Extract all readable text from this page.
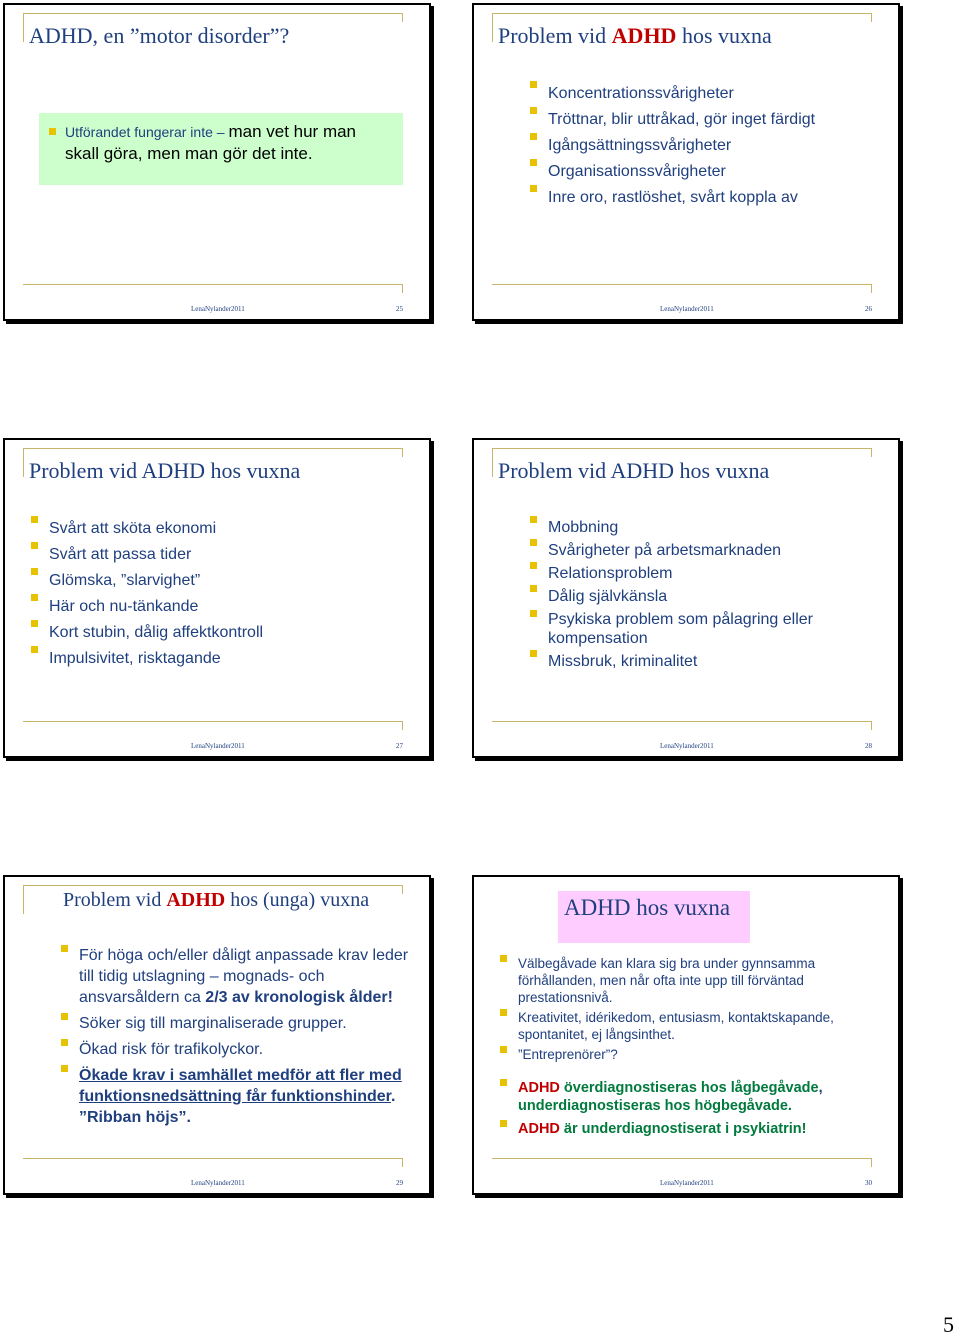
ADHD, en ”motor disorder”?
Utförandet fungerar inte – man vet hur man skall göra, men man gör det inte.
LenaNylander2011	25
Problem vid ADHD hos vuxna
Koncentrationssvårigheter
Tröttnar, blir uttråkad, gör inget färdigt
Igångsättningssvårigheter
Organisationssvårigheter
Inre oro, rastlöshet, svårt koppla av
LenaNylander2011	26
Problem vid ADHD hos vuxna
Svårt att sköta ekonomi
Svårt att passa tider
Glömska, ”slarvighet”
Här och nu-tänkande
Kort stubin, dålig affektkontroll
Impulsivitet, risktagande
LenaNylander2011	27
Problem vid ADHD hos vuxna
Mobbning
Svårigheter på arbetsmarknaden
Relationsproblem
Dålig självkänsla
Psykiska problem som pålagring eller kompensation
Missbruk, kriminalitet
LenaNylander2011	28
Problem vid ADHD hos (unga) vuxna
För höga och/eller dåligt anpassade krav leder till tidig utslagning – mognads- och ansvarsåldern ca 2/3 av kronologisk ålder!
Söker sig till marginaliserade grupper.
Ökad risk för trafikolyckor.
Ökade krav i samhället medför att fler med funktionsnedsättning får funktionshinder. ”Ribban höjs”.
LenaNylander2011	29
ADHD hos vuxna
Välbegåvade kan klara sig bra under gynnsamma förhållanden, men når ofta inte upp till förväntad prestationsnivå.
Kreativitet, idérikedom, entusiasm, kontaktskapande, spontanitet, ej långsinthet.
”Entreprenörer”?
ADHD överdiagnostiseras hos lågbegåvade, underdiagnostiseras hos högbegåvade.
ADHD är underdiagnostiserat i psykiatrin!
LenaNylander2011	30
5
